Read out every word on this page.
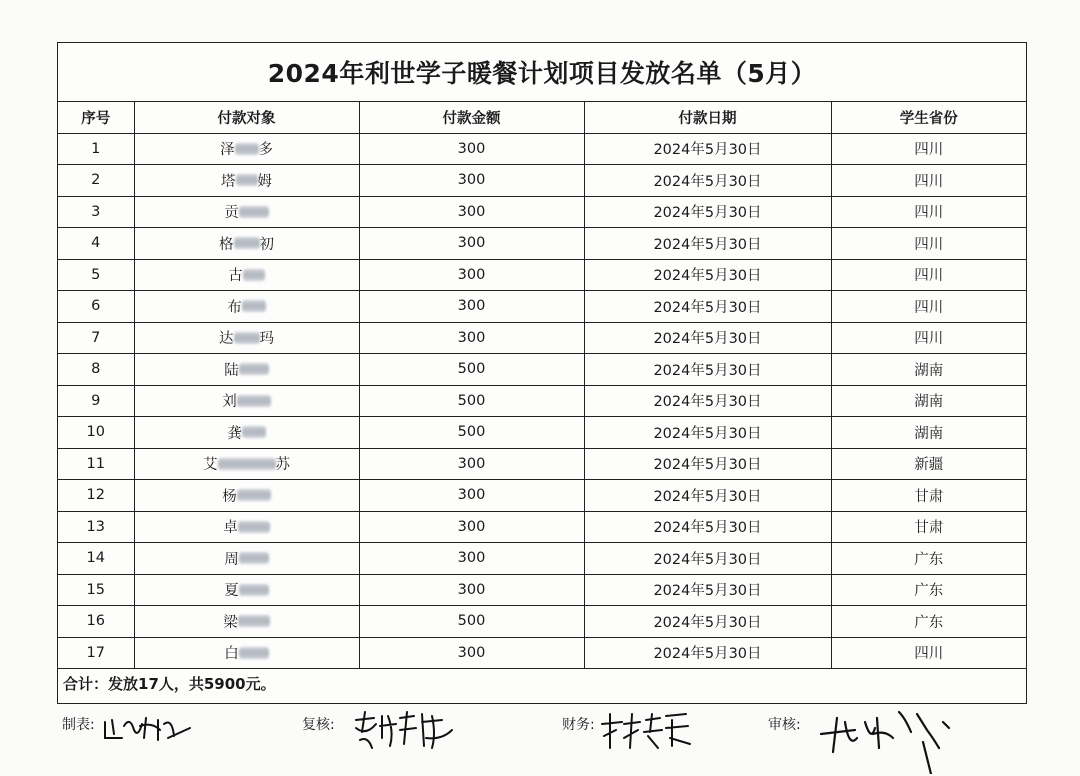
2024年利世学子暖餐计划项目发放名单（5月）
序号	付款对象	付款金额	付款日期	学生省份
1	泽 多	300	2024年5月30日	四川
2	塔 姆	300	2024年5月30日	四川
3	贡	300	2024年5月30日	四川
4	格 初	300	2024年5月30日	四川
5	古	300	2024年5月30日	四川
6	布	300	2024年5月30日	四川
7	达 玛	300	2024年5月30日	四川
8	陆	500	2024年5月30日	湖南
9	刘	500	2024年5月30日	湖南
10	龚	500	2024年5月30日	湖南
11	艾 苏	300	2024年5月30日	新疆
12	杨	300	2024年5月30日	甘肃
13	卓	300	2024年5月30日	甘肃
14	周	300	2024年5月30日	广东
15	夏	300	2024年5月30日	广东
16	梁	500	2024年5月30日	广东
17	白	300	2024年5月30日	四川
合计：发放17人，共5900元。
制表:	复核:	财务:	审核:
